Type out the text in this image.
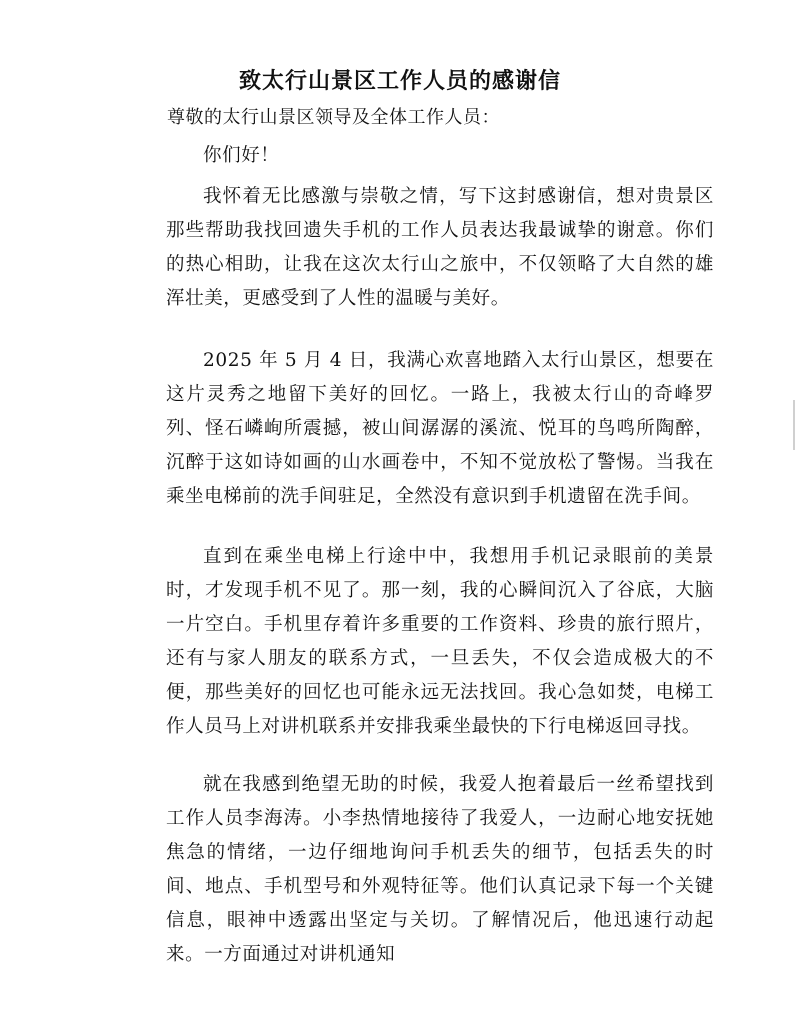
致太行山景区工作人员的感谢信

尊敬的太行山景区领导及全体工作人员：

你们好！

我怀着无比感激与崇敬之情，写下这封感谢信，想对贵景区那些帮助我找回遗失手机的工作人员表达我最诚挚的谢意。你们的热心相助，让我在这次太行山之旅中，不仅领略了大自然的雄浑壮美，更感受到了人性的温暖与美好。

2025 年 5 月 4 日，我满心欢喜地踏入太行山景区，想要在这片灵秀之地留下美好的回忆。一路上，我被太行山的奇峰罗列、怪石嶙峋所震撼，被山间潺潺的溪流、悦耳的鸟鸣所陶醉，沉醉于这如诗如画的山水画卷中，不知不觉放松了警惕。当我在乘坐电梯前的洗手间驻足，全然没有意识到手机遗留在洗手间。

直到在乘坐电梯上行途中中，我想用手机记录眼前的美景时，才发现手机不见了。那一刻，我的心瞬间沉入了谷底，大脑一片空白。手机里存着许多重要的工作资料、珍贵的旅行照片，还有与家人朋友的联系方式，一旦丢失，不仅会造成极大的不便，那些美好的回忆也可能永远无法找回。我心急如焚，电梯工作人员马上对讲机联系并安排我乘坐最快的下行电梯返回寻找。

就在我感到绝望无助的时候，我爱人抱着最后一丝希望找到工作人员李海涛。小李热情地接待了我爱人，一边耐心地安抚她焦急的情绪，一边仔细地询问手机丢失的细节，包括丢失的时间、地点、手机型号和外观特征等。他们认真记录下每一个关键信息，眼神中透露出坚定与关切。了解情况后，他迅速行动起来。一方面通过对讲机通知
